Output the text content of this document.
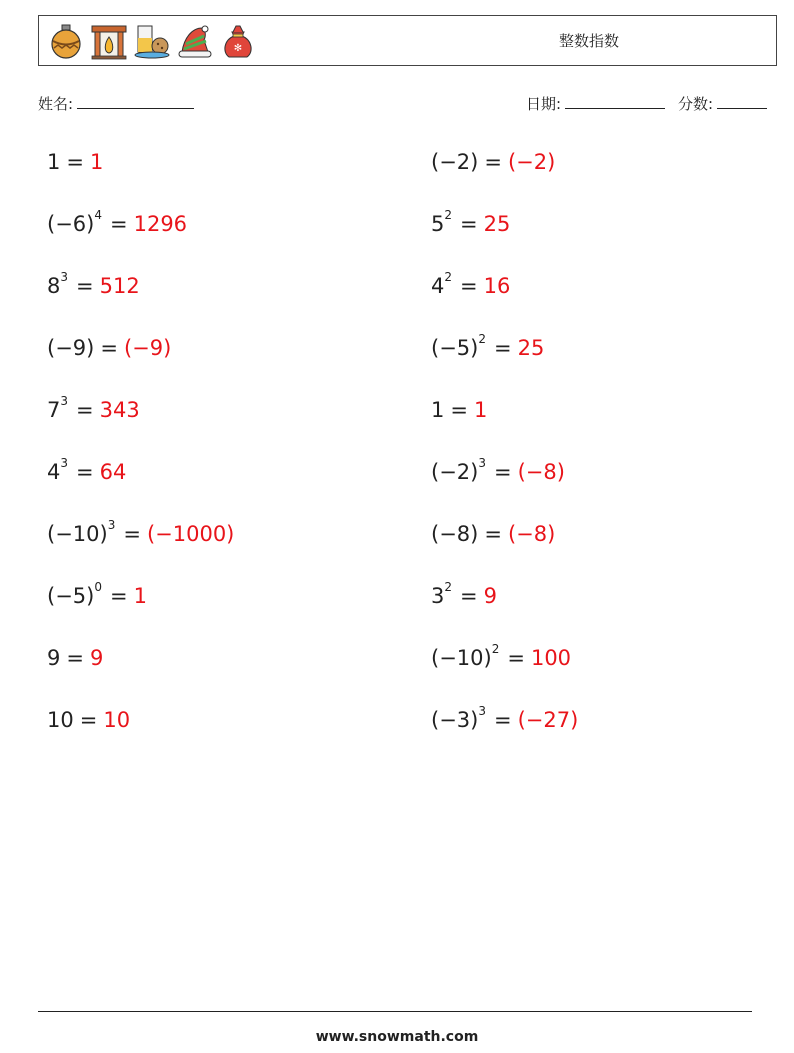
✻	整数指数
姓名:	日期:	分数:
1 = 1
$(-6)^4 = 1296$
$8^3 = 512$
(−9) = (−9)
$7^3 = 343$
$4^3 = 64$
$(-10)^3 = (-1000)$
$(-5)^0 = 1$
9 = 9
10 = 10
(−2) = (−2)
$5^2 = 25$
$4^2 = 16$
$(-5)^2 = 25$
1 = 1
$(-2)^3 = (-8)$
(−8) = (−8)
$3^2 = 9$
$(-10)^2 = 100$
$(-3)^3 = (-27)$
www.snowmath.com
